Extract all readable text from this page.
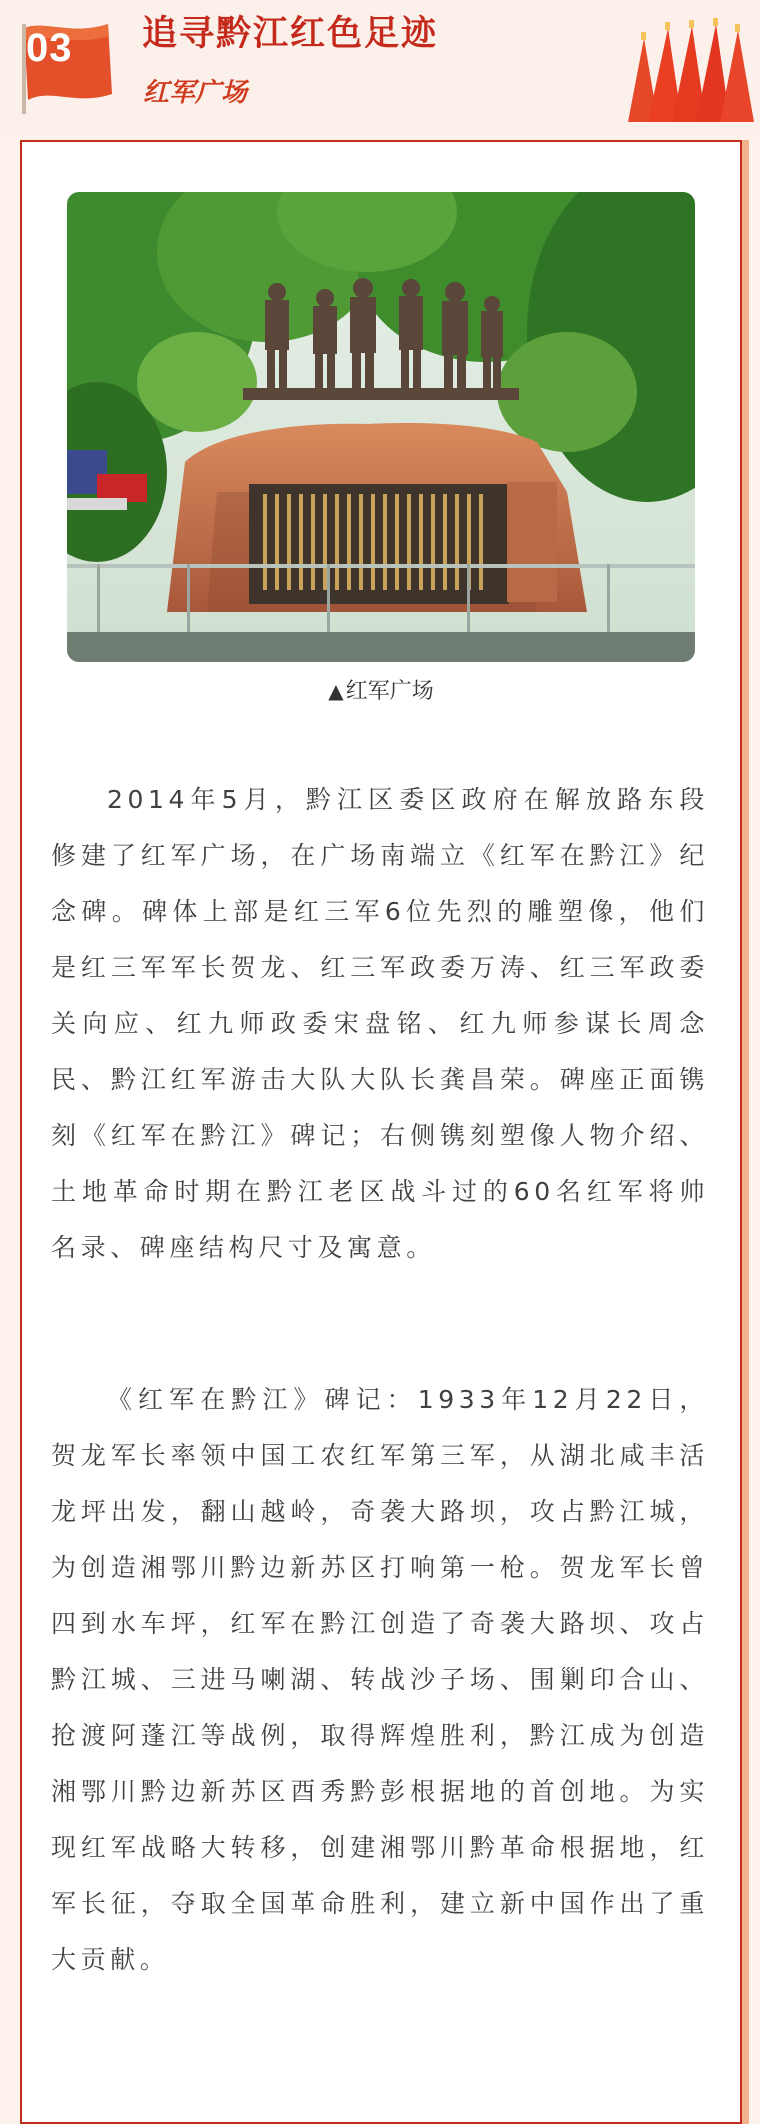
03 追寻黔江红色足迹
红军广场
▲红军广场

2014年5月，黔江区委区政府在解放路东段修建了红军广场，在广场南端立《红军在黔江》纪念碑。碑体上部是红三军6位先烈的雕塑像，他们是红三军军长贺龙、红三军政委万涛、红三军政委关向应、红九师政委宋盘铭、红九师参谋长周念民、黔江红军游击大队大队长龚昌荣。碑座正面镌刻《红军在黔江》碑记；右侧镌刻塑像人物介绍、土地革命时期在黔江老区战斗过的60名红军将帅名录、碑座结构尺寸及寓意。

《红军在黔江》碑记：1933年12月22日，贺龙军长率领中国工农红军第三军，从湖北咸丰活龙坪出发，翻山越岭，奇袭大路坝，攻占黔江城，为创造湘鄂川黔边新苏区打响第一枪。贺龙军长曾四到水车坪，红军在黔江创造了奇袭大路坝、攻占黔江城、三进马喇湖、转战沙子场、围剿印合山、抢渡阿蓬江等战例，取得辉煌胜利，黔江成为创造湘鄂川黔边新苏区酉秀黔彭根据地的首创地。为实现红军战略大转移，创建湘鄂川黔革命根据地，红军长征，夺取全国革命胜利，建立新中国作出了重大贡献。
